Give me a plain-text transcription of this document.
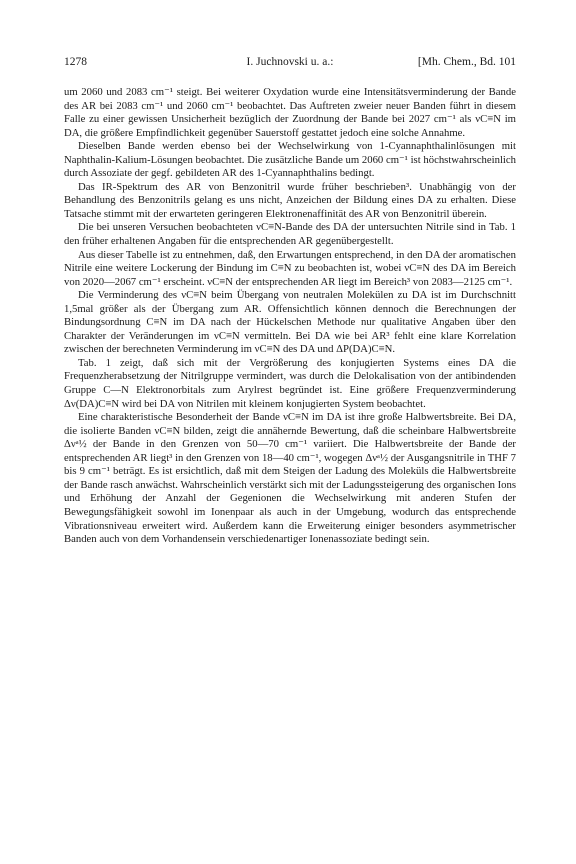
1278	I. Juchnovski u. a.:	[Mh. Chem., Bd. 101

um 2060 und 2083 cm⁻¹ steigt. Bei weiterer Oxydation wurde eine Intensitätsverminderung der Bande des AR bei 2083 cm⁻¹ und 2060 cm⁻¹ beobachtet. Das Auftreten zweier neuer Banden führt in diesem Falle zu einer gewissen Unsicherheit bezüglich der Zuordnung der Bande bei 2027 cm⁻¹ als νC≡N im DA, die größere Empfindlichkeit gegenüber Sauerstoff gestattet jedoch eine solche Annahme.

Dieselben Bande werden ebenso bei der Wechselwirkung von 1-Cyannaphthalinlösungen mit Naphthalin-Kalium-Lösungen beobachtet. Die zusätzliche Bande um 2060 cm⁻¹ ist höchstwahrscheinlich durch Assoziate der gegf. gebildeten AR des 1-Cyannaphthalins bedingt.

Das IR-Spektrum des AR von Benzonitril wurde früher beschrieben³. Unabhängig von der Behandlung des Benzonitrils gelang es uns nicht, Anzeichen der Bildung eines DA zu erhalten. Diese Tatsache stimmt mit der erwarteten geringeren Elektronenaffinität des AR von Benzonitril überein.

Die bei unseren Versuchen beobachteten νC≡N-Bande des DA der untersuchten Nitrile sind in Tab. 1 den früher erhaltenen Angaben für die entsprechenden AR gegenübergestellt.

Aus dieser Tabelle ist zu entnehmen, daß, den Erwartungen entsprechend, in den DA der aromatischen Nitrile eine weitere Lockerung der Bindung im C≡N zu beobachten ist, wobei νC≡N des DA im Bereich von 2020—2067 cm⁻¹ erscheint. νC≡N der entsprechenden AR liegt im Bereich³ von 2083—2125 cm⁻¹.

Die Verminderung des νC≡N beim Übergang von neutralen Molekülen zu DA ist im Durchschnitt 1,5mal größer als der Übergang zum AR. Offensichtlich können dennoch die Berechnungen der Bindungsordnung C≡N im DA nach der Hückelschen Methode nur qualitative Angaben über den Charakter der Veränderungen im νC≡N vermitteln. Bei DA wie bei AR³ fehlt eine klare Korrelation zwischen der berechneten Verminderung im νC≡N des DA und ΔP(DA)C≡N.

Tab. 1 zeigt, daß sich mit der Vergrößerung des konjugierten Systems eines DA die Frequenzherabsetzung der Nitrilgruppe vermindert, was durch die Delokalisation von der antibindenden Gruppe C—N Elektronorbitals zum Arylrest begründet ist. Eine größere Frequenzverminderung Δν(DA)C≡N wird bei DA von Nitrilen mit kleinem konjugierten System beobachtet.

Eine charakteristische Besonderheit der Bande νC≡N im DA ist ihre große Halbwertsbreite. Bei DA, die isolierte Banden νC≡N bilden, zeigt die annähernde Bewertung, daß die scheinbare Halbwertsbreite Δνᵃ½ der Bande in den Grenzen von 50—70 cm⁻¹ variiert. Die Halbwertsbreite der Bande der entsprechenden AR liegt³ in den Grenzen von 18—40 cm⁻¹, wogegen Δνᵃ½ der Ausgangsnitrile in THF 7 bis 9 cm⁻¹ beträgt. Es ist ersichtlich, daß mit dem Steigen der Ladung des Moleküls die Halbwertsbreite der Bande rasch anwächst. Wahrscheinlich verstärkt sich mit der Ladungssteigerung des organischen Ions und Erhöhung der Anzahl der Gegenionen die Wechselwirkung mit anderen Stufen der Bewegungsfähigkeit sowohl im Ionenpaar als auch in der Umgebung, wodurch das entsprechende Vibrationsniveau erweitert wird. Außerdem kann die Erweiterung einiger besonders asymmetrischer Banden auch von dem Vorhandensein verschiedenartiger Ionenassoziate bedingt sein.
